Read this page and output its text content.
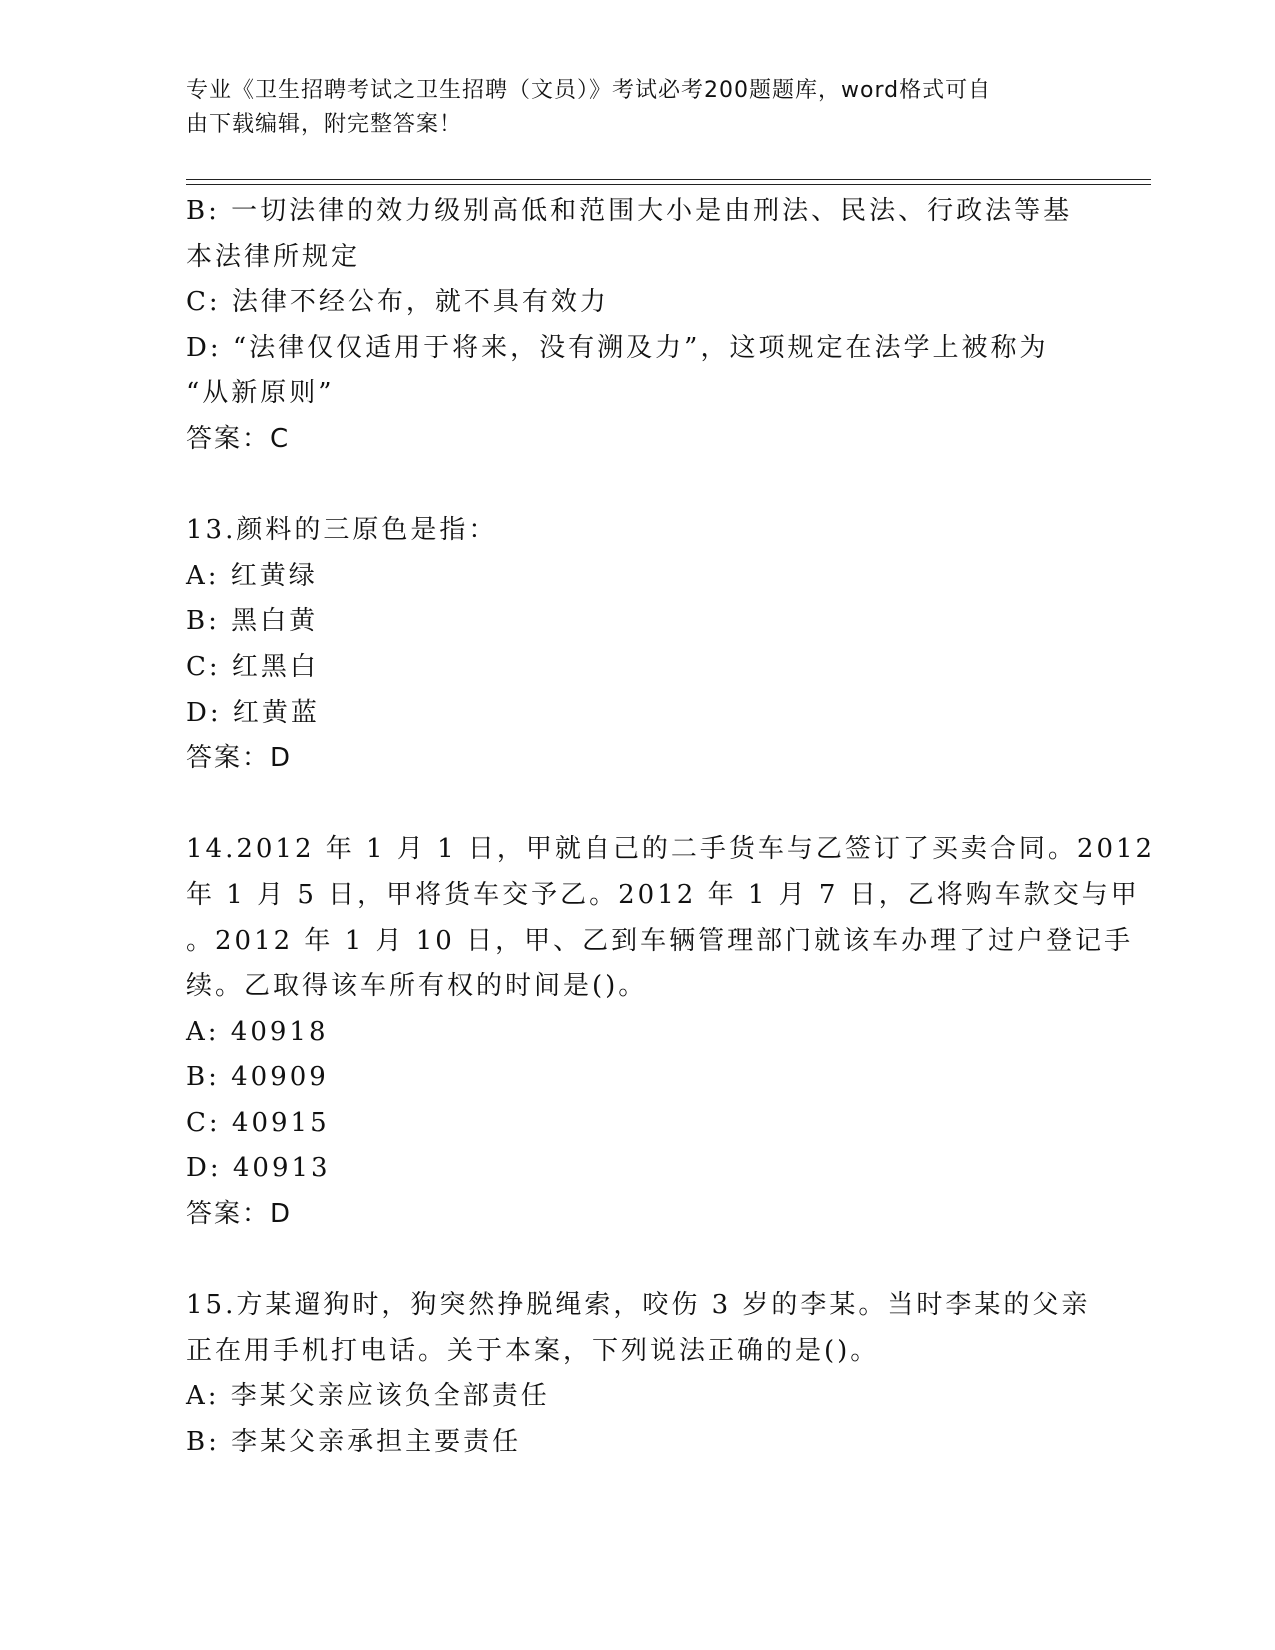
专业《卫生招聘考试之卫生招聘（文员）》考试必考200题题库，word格式可自
由下载编辑，附完整答案！
B: 一切法律的效力级别高低和范围大小是由刑法、民法、行政法等基
本法律所规定
C: 法律不经公布，就不具有效力
D: “法律仅仅适用于将来，没有溯及力”，这项规定在法学上被称为
“从新原则”
答案：C
13.颜料的三原色是指：
A: 红黄绿
B: 黑白黄
C: 红黑白
D: 红黄蓝
答案：D
14.2012 年 1 月 1 日，甲就自己的二手货车与乙签订了买卖合同。2012
年 1 月 5 日，甲将货车交予乙。2012 年 1 月 7 日，乙将购车款交与甲
。2012 年 1 月 10 日，甲、乙到车辆管理部门就该车办理了过户登记手
续。乙取得该车所有权的时间是()。
A: 40918
B: 40909
C: 40915
D: 40913
答案：D
15.方某遛狗时，狗突然挣脱绳索，咬伤 3 岁的李某。当时李某的父亲
正在用手机打电话。关于本案，下列说法正确的是()。
A: 李某父亲应该负全部责任
B: 李某父亲承担主要责任
